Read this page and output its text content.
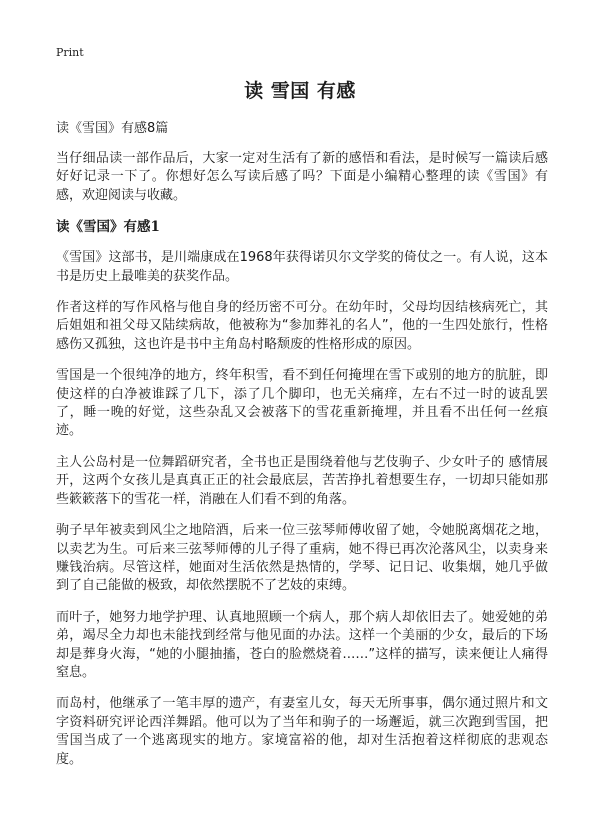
Print
读 雪国 有感

读《雪国》有感8篇

当仔细品读一部作品后，大家一定对生活有了新的感悟和看法，是时候写一篇读后感好好记录一下了。你想好怎么写读后感了吗？下面是小编精心整理的读《雪国》有感，欢迎阅读与收藏。

读《雪国》有感1

《雪国》这部书，是川端康成在1968年获得诺贝尔文学奖的倚仗之一。有人说，这本书是历史上最唯美的获奖作品。

作者这样的写作风格与他自身的经历密不可分。在幼年时，父母均因结核病死亡，其后姐姐和祖父母又陆续病故，他被称为“参加葬礼的名人”，他的一生四处旅行，性格感伤又孤独，这也许是书中主角岛村略颓废的性格形成的原因。

雪国是一个很纯净的地方，终年积雪，看不到任何掩埋在雪下或别的地方的肮脏，即使这样的白净被谁踩了几下，添了几个脚印，也无关痛痒，左右不过一时的诐乱罢了，睡一晚的好觉，这些杂乱又会被落下的雪花重新掩埋，并且看不出任何一丝痕迹。

主人公岛村是一位舞蹈研究者，全书也正是围绕着他与艺伎驹子、少女叶子的 感情展开，这两个女孩儿是真真正正的社会最底层，苦苦挣扎着想要生存，一切却只能如那些簌簌落下的雪花一样，消融在人们看不到的角落。

驹子早年被卖到风尘之地陪酒，后来一位三弦琴师傅收留了她，令她脱离烟花之地，以卖艺为生。可后来三弦琴师傅的儿子得了重病，她不得已再次沦落风尘，以卖身来赚钱治病。尽管这样，她面对生活依然是热情的，学琴、记日记、收集烟，她几乎做到了自己能做的极致，却依然摆脱不了艺妓的束缚。

而叶子，她努力地学护理、认真地照顾一个病人，那个病人却依旧去了。她爱她的弟弟，竭尽全力却也未能找到经常与他见面的办法。这样一个美丽的少女，最后的下场却是葬身火海，“她的小腿抽搐，苍白的脸燃烧着……”这样的描写，读来便让人痛得窒息。

而岛村，他继承了一笔丰厚的遗产，有妻室儿女，每天无所事事，偶尔通过照片和文字资料研究评论西洋舞蹈。他可以为了当年和驹子的一场邂逅，就三次跑到雪国，把雪国当成了一个逃离现实的地方。家境富裕的他，却对生活抱着这样彻底的悲观态度。
